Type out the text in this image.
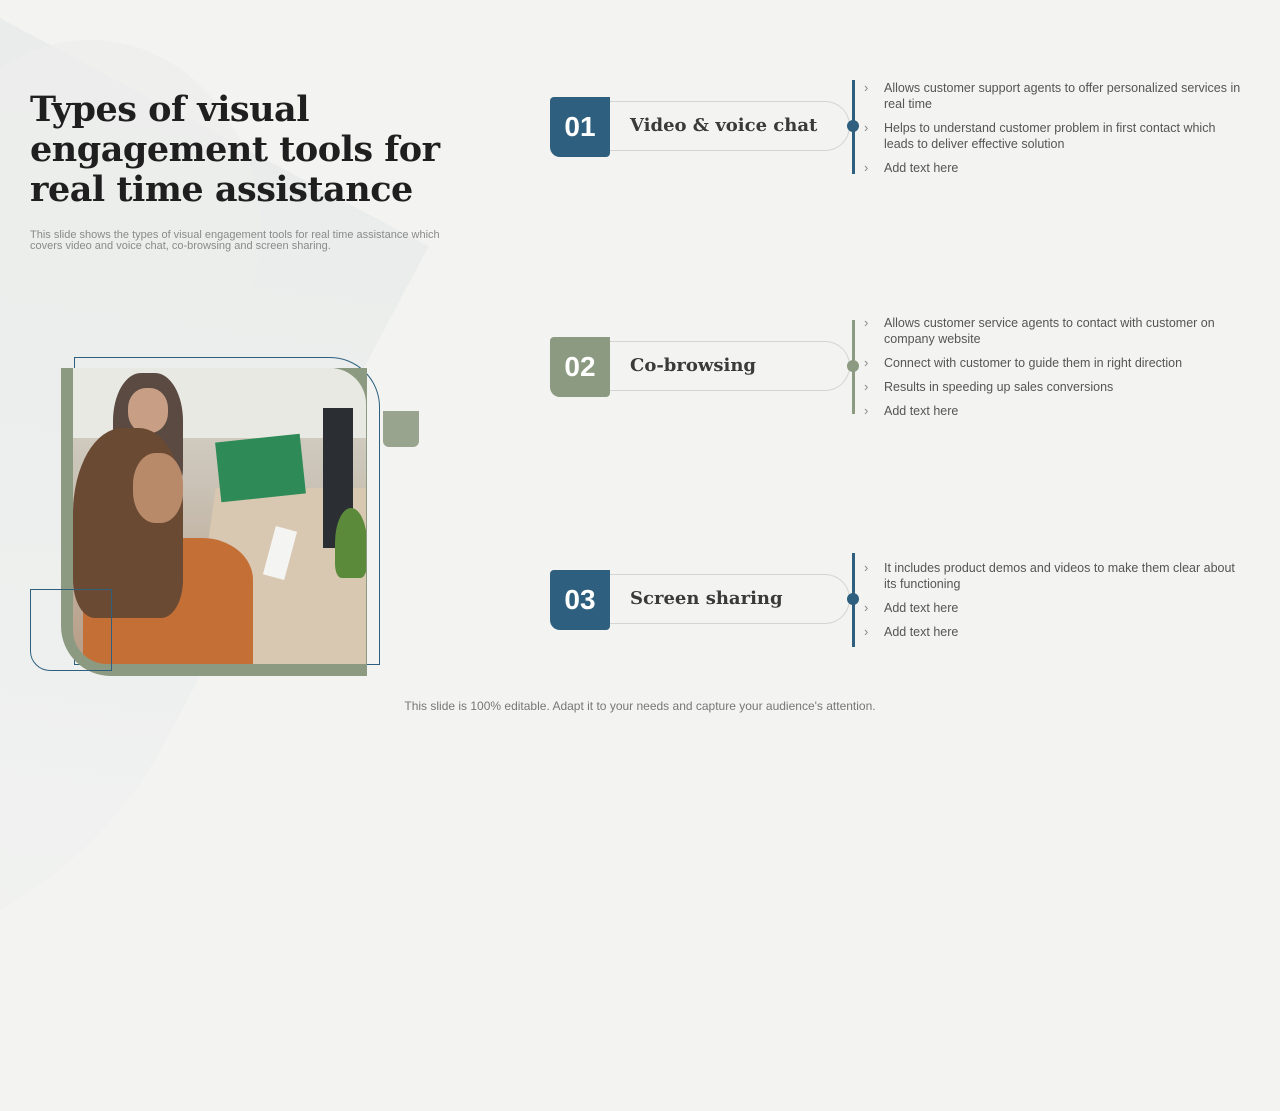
Types of visual engagement tools for real time assistance
This slide shows the types of visual engagement tools for real time assistance which covers video and voice chat, co-browsing and screen sharing.
01	Video & voice chat
› Allows customer support agents to offer personalized services in real time
› Helps to understand customer problem in first contact which leads to deliver effective solution
› Add text here
02	Co-browsing
› Allows customer service agents to contact with customer on company website
› Connect with customer to guide them in right direction
› Results in speeding up sales conversions
› Add text here
03	Screen sharing
› It includes product demos and videos to make them clear about its functioning
› Add text here
› Add text here
This slide is 100% editable. Adapt it to your needs and capture your audience's attention.
